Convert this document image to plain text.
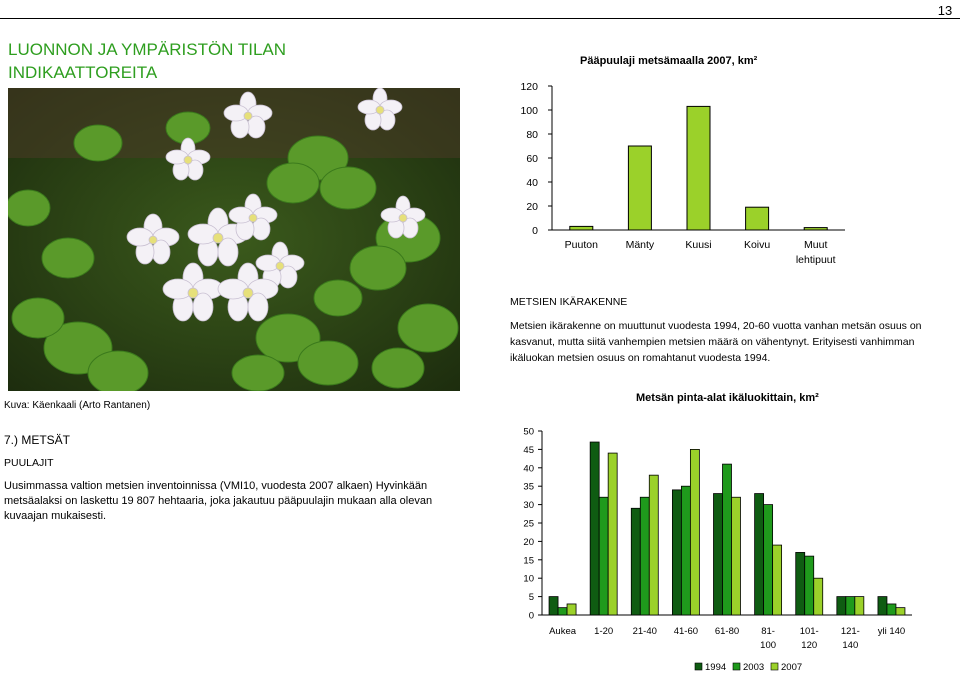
13
LUONNON JA YMPÄRISTÖN TILAN INDIKAATTOREITA
Kuva: Käenkaali (Arto Rantanen)
7.) METSÄT
PUULAJIT
Uusimmassa valtion metsien inventoinnissa (VMI10, vuodesta 2007 alkaen) Hyvinkään metsäalaksi on laskettu 19 807 hehtaaria, joka jakautuu pääpuulajin mukaan alla olevan kuvaajan mukaisesti.
METSIEN IKÄRAKENNE

Metsien ikärakenne on muuttunut vuodesta 1994, 20-60 vuotta vanhan metsän osuus on kasvanut, mutta siitä vanhempien metsien määrä on vähentynyt. Erityisesti vanhimman ikäluokan metsien osuus on romahtanut vuodesta 1994.

Pääpuulaji metsämaalla 2007, km²
Metsän pinta-alat ikäluokittain, km²
0
20
40
60
80
100
120
Puuton	Mänty	Kuusi	Koivu	Muut
lehtipuut
0
5
10
15
20
25
30
35
40
45
50
Aukea 1-20 21-40 41-60 61-80 81-
100
101-
120
121-
140
yli 140
1994 2003 2007
